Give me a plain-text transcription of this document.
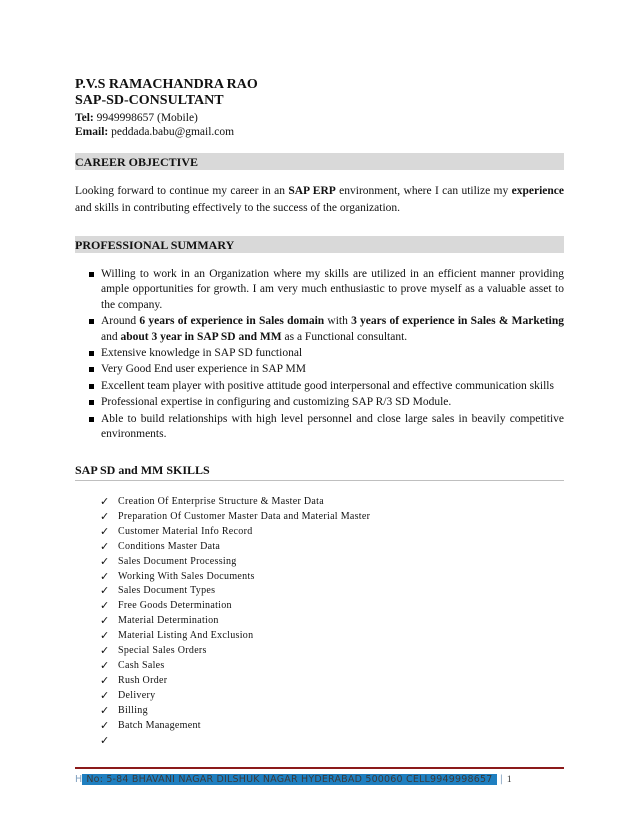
P.V.S RAMACHANDRA RAO
SAP-SD-CONSULTANT
Tel: 9949998657 (Mobile)
Email: peddada.babu@gmail.com
CAREER OBJECTIVE
Looking forward to continue my career in an SAP ERP environment, where I can utilize my experience and skills in contributing effectively to the success of the organization.
PROFESSIONAL SUMMARY
Willing to work in an Organization where my skills are utilized in an efficient manner providing ample opportunities for growth. I am very much enthusiastic to prove myself as a valuable asset to the company.
Around 6 years of experience in Sales domain with 3 years of experience in Sales & Marketing and about 3 year in SAP SD and MM as a Functional consultant.
Extensive knowledge in SAP SD functional
Very Good End user experience in SAP MM
Excellent team player with positive attitude good interpersonal and effective communication skills
Professional expertise in configuring and customizing SAP R/3 SD Module.
Able to build relationships with high level personnel and close large sales in beavily competitive environments.
SAP SD and MM SKILLS
✓ Creation Of Enterprise Structure & Master Data
✓ Preparation Of Customer Master Data and Material Master
✓ Customer Material Info Record
✓ Conditions Master Data
✓ Sales Document Processing
✓ Working With Sales Documents
✓ Sales Document Types
✓ Free Goods Determination
✓ Material Determination
✓ Material Listing And Exclusion
✓ Special Sales Orders
✓ Cash Sales
✓ Rush Order
✓ Delivery
✓ Billing
✓ Batch Management
✓
H No: 5-84 BHAVANI NAGAR DILSHUK NAGAR HYDERABAD 500060 CELL9949998657 | 1
